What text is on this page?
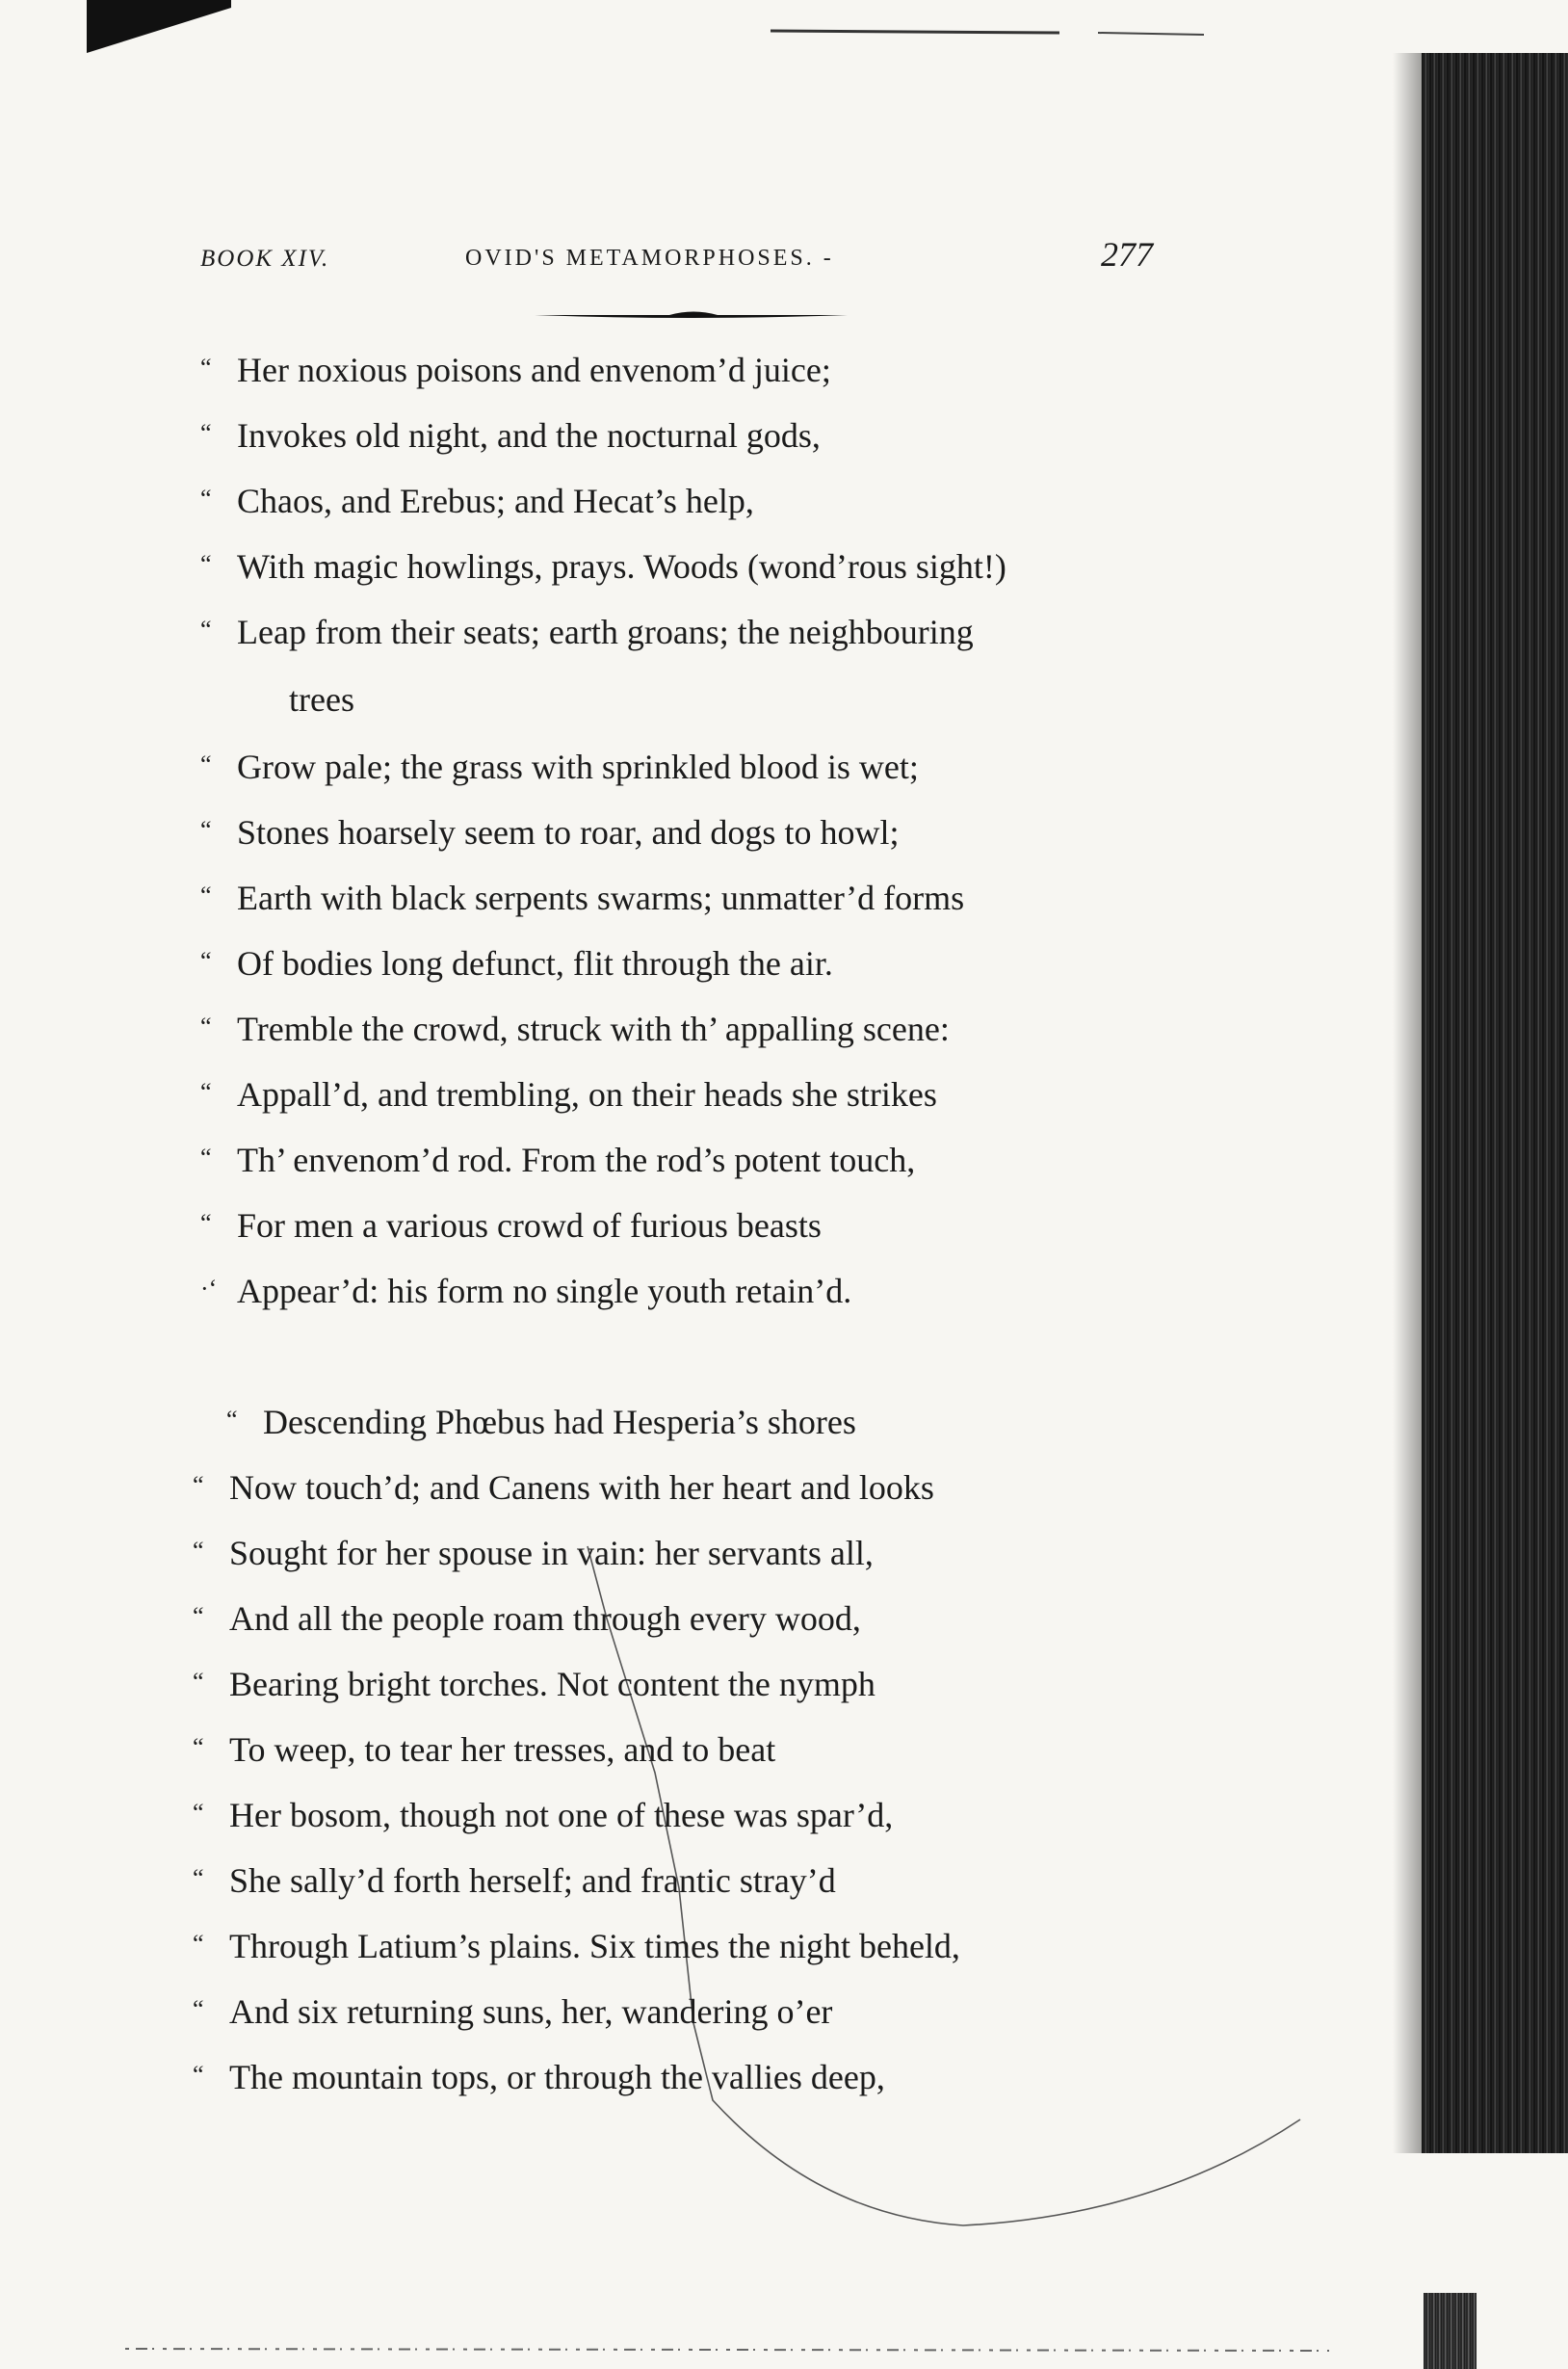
BOOK XIV.	OVID'S METAMORPHOSES. -	277
“ Her noxious poisons and envenom’d juice;
“ Invokes old night, and the nocturnal gods,
“ Chaos, and Erebus; and Hecat’s help,
“ With magic howlings, prays. Woods (wond’rous sight!)
“ Leap from their seats; earth groans; the neighbouring
trees
“ Grow pale; the grass with sprinkled blood is wet;
“ Stones hoarsely seem to roar, and dogs to howl;
“ Earth with black serpents swarms; unmatter’d forms
“ Of bodies long defunct, flit through the air.
“ Tremble the crowd, struck with th’ appalling scene:
“ Appall’d, and trembling, on their heads she strikes
“ Th’ envenom’d rod. From the rod’s potent touch,
“ For men a various crowd of furious beasts
·‘ Appear’d: his form no single youth retain’d.
“ Descending Phœbus had Hesperia’s shores
“ Now touch’d; and Canens with her heart and looks
“ Sought for her spouse in vain: her servants all,
“ And all the people roam through every wood,
“ Bearing bright torches. Not content the nymph
“ To weep, to tear her tresses, and to beat
“ Her bosom, though not one of these was spar’d,
“ She sally’d forth herself; and frantic stray’d
“ Through Latium’s plains. Six times the night beheld,
“ And six returning suns, her, wandering o’er
“ The mountain tops, or through the vallies deep,
